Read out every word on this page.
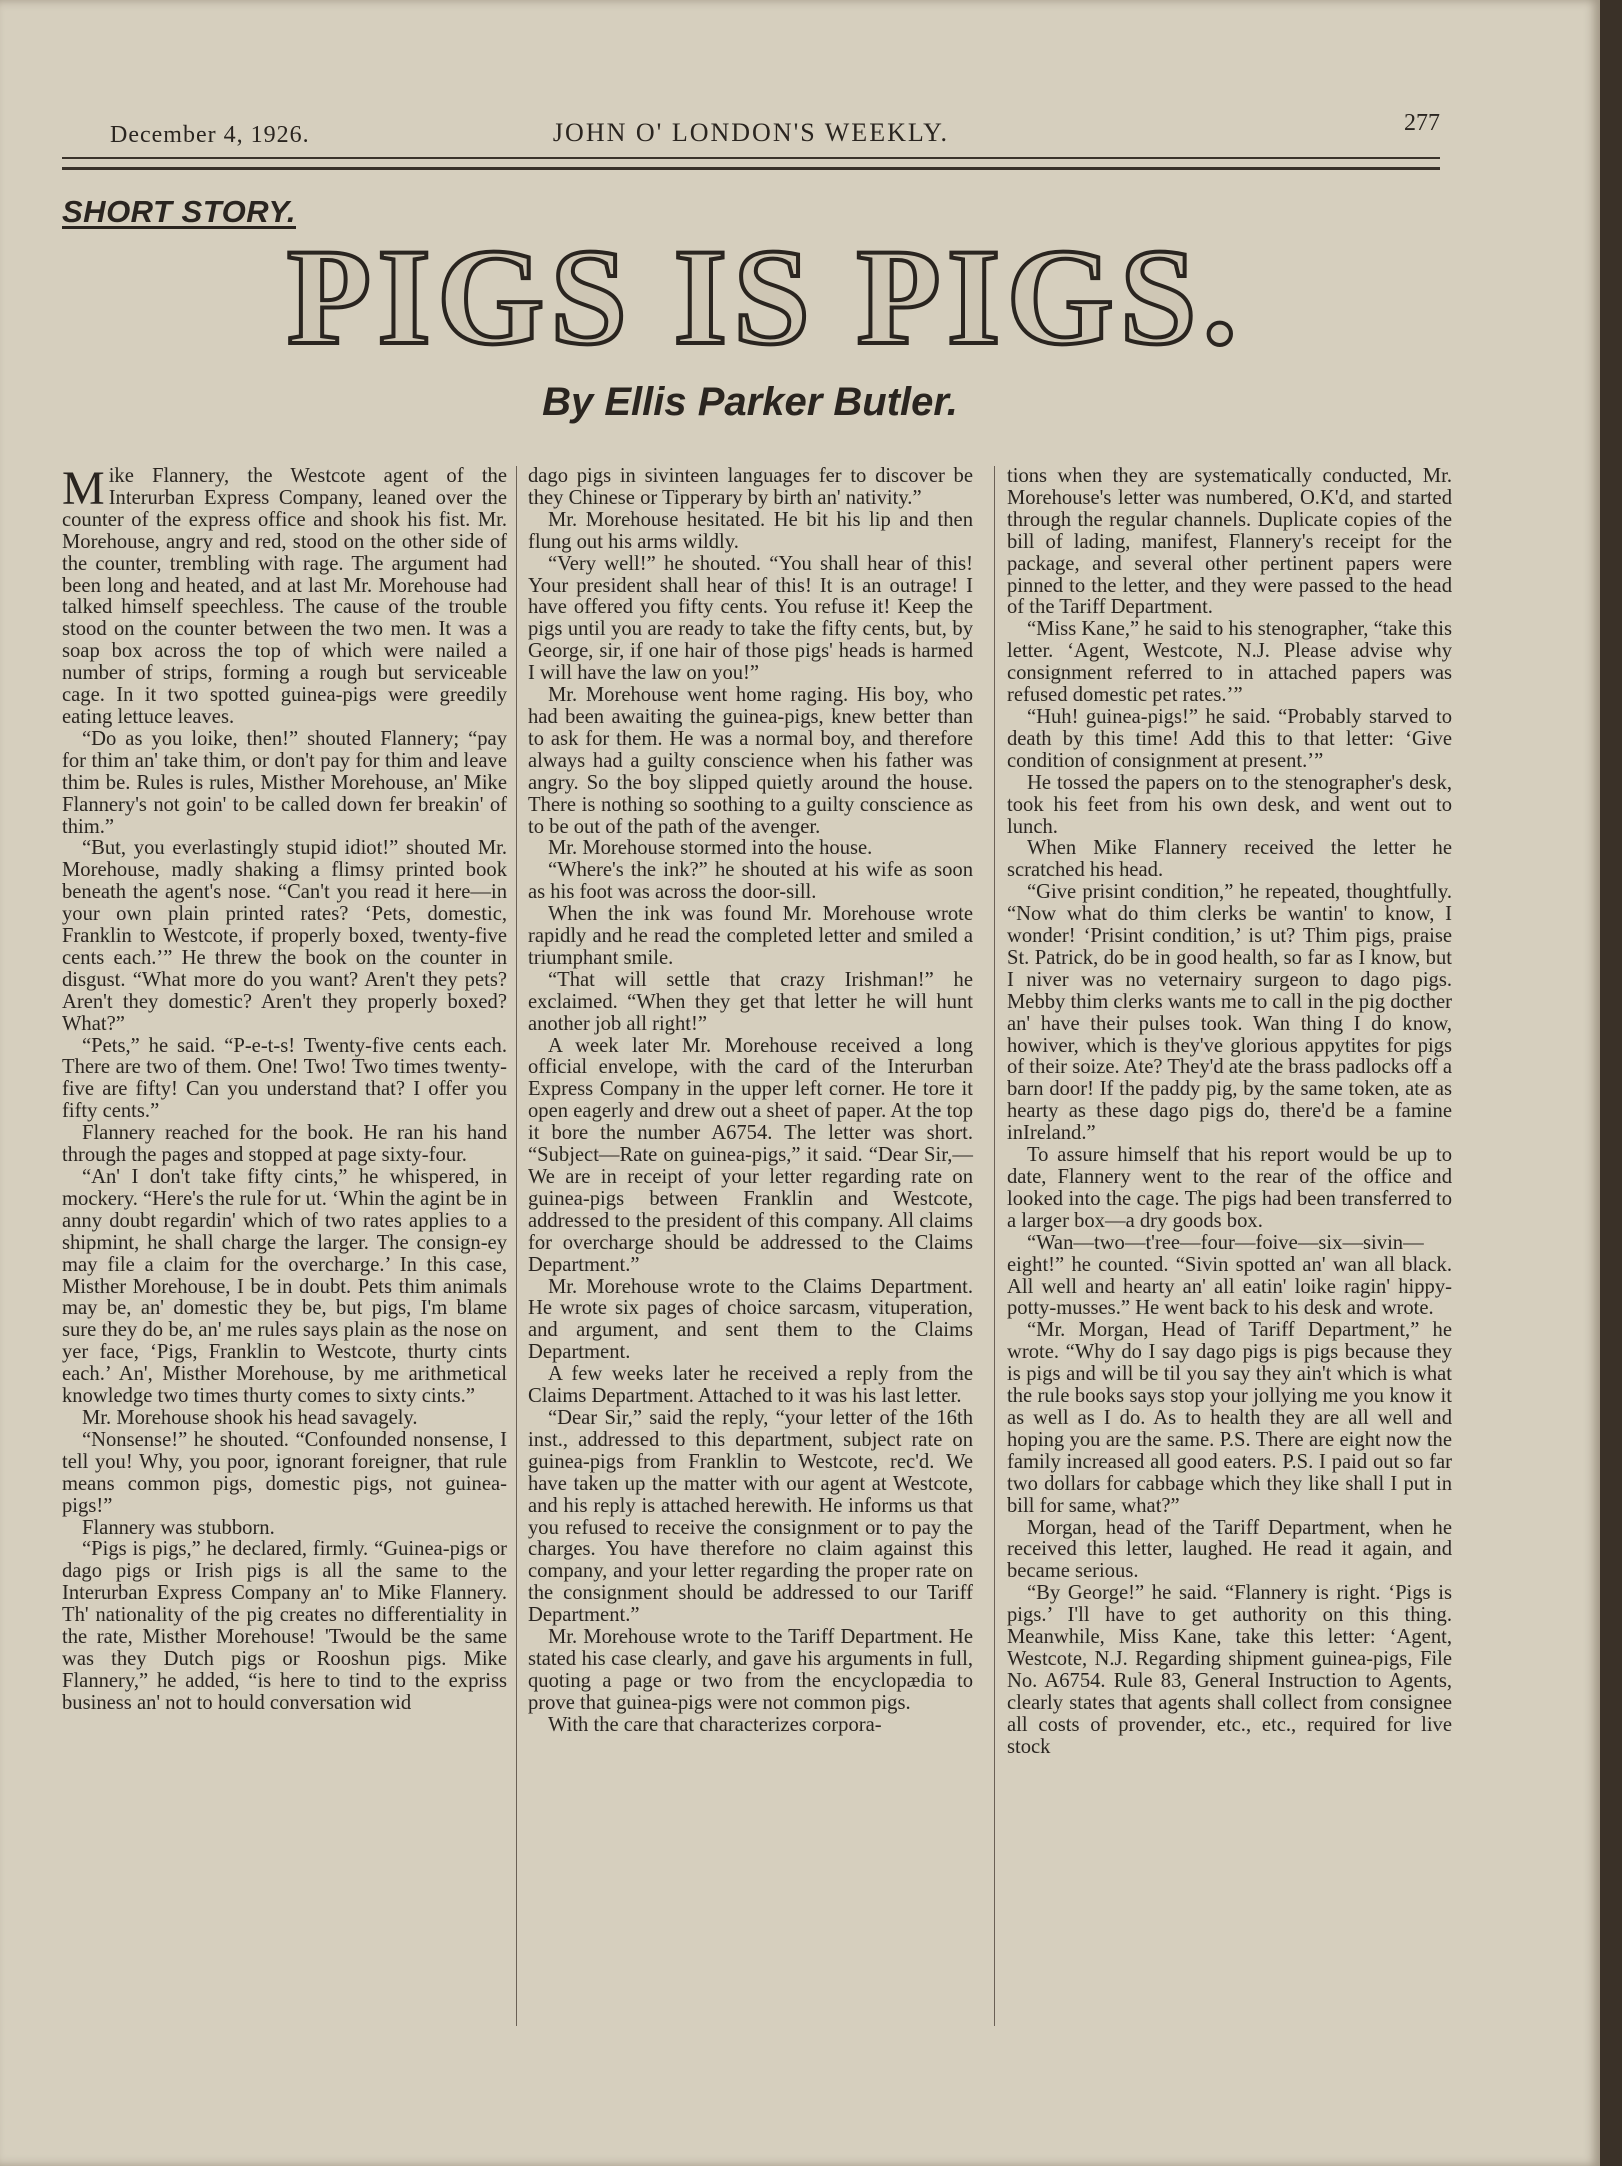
December 4, 1926.	JOHN O' LONDON'S WEEKLY.	277
SHORT STORY.
PIGS IS PIGS.
By Ellis Parker Butler.

Mike Flannery, the Westcote agent of the Interurban Express Company, leaned over the counter of the express office and shook his fist. Mr. Morehouse, angry and red, stood on the other side of the counter, trembling with rage. The argument had been long and heated, and at last Mr. Morehouse had talked himself speechless. The cause of the trouble stood on the counter between the two men. It was a soap box across the top of which were nailed a number of strips, forming a rough but serviceable cage. In it two spotted guinea-pigs were greedily eating lettuce leaves.

“Do as you loike, then!” shouted Flannery; “pay for thim an' take thim, or don't pay for thim and leave thim be. Rules is rules, Misther Morehouse, an' Mike Flannery's not goin' to be called down fer breakin' of thim.”

“But, you everlastingly stupid idiot!” shouted Mr. Morehouse, madly shaking a flimsy printed book beneath the agent's nose. “Can't you read it here—in your own plain printed rates? ‘Pets, domestic, Franklin to Westcote, if properly boxed, twenty-five cents each.’” He threw the book on the counter in disgust. “What more do you want? Aren't they pets? Aren't they domestic? Aren't they properly boxed? What?”

“Pets,” he said. “P-e-t-s! Twenty-five cents each. There are two of them. One! Two! Two times twenty-five are fifty! Can you understand that? I offer you fifty cents.”

Flannery reached for the book. He ran his hand through the pages and stopped at page sixty-four.

“An' I don't take fifty cints,” he whispered, in mockery. “Here's the rule for ut. ‘Whin the agint be in anny doubt regardin' which of two rates applies to a shipmint, he shall charge the larger. The consign-ey may file a claim for the overcharge.’ In this case, Misther Morehouse, I be in doubt. Pets thim animals may be, an' domestic they be, but pigs, I'm blame sure they do be, an' me rules says plain as the nose on yer face, ‘Pigs, Franklin to Westcote, thurty cints each.’ An', Misther Morehouse, by me arithmetical knowledge two times thurty comes to sixty cints.”

Mr. Morehouse shook his head savagely.

“Nonsense!” he shouted. “Confounded nonsense, I tell you! Why, you poor, ignorant foreigner, that rule means common pigs, domestic pigs, not guinea-pigs!”

Flannery was stubborn.

“Pigs is pigs,” he declared, firmly. “Guinea-pigs or dago pigs or Irish pigs is all the same to the Interurban Express Company an' to Mike Flannery. Th' nationality of the pig creates no differentiality in the rate, Misther Morehouse! 'Twould be the same was they Dutch pigs or Rooshun pigs. Mike Flannery,” he added, “is here to tind to the expriss business an' not to hould conversation wid

dago pigs in sivinteen languages fer to discover be they Chinese or Tipperary by birth an' nativity.”

Mr. Morehouse hesitated. He bit his lip and then flung out his arms wildly.

“Very well!” he shouted. “You shall hear of this! Your president shall hear of this! It is an outrage! I have offered you fifty cents. You refuse it! Keep the pigs until you are ready to take the fifty cents, but, by George, sir, if one hair of those pigs' heads is harmed I will have the law on you!”

Mr. Morehouse went home raging. His boy, who had been awaiting the guinea-pigs, knew better than to ask for them. He was a normal boy, and therefore always had a guilty conscience when his father was angry. So the boy slipped quietly around the house. There is nothing so soothing to a guilty conscience as to be out of the path of the avenger.

Mr. Morehouse stormed into the house.

“Where's the ink?” he shouted at his wife as soon as his foot was across the door-sill.

When the ink was found Mr. Morehouse wrote rapidly and he read the completed letter and smiled a triumphant smile.

“That will settle that crazy Irishman!” he exclaimed. “When they get that letter he will hunt another job all right!”

A week later Mr. Morehouse received a long official envelope, with the card of the Interurban Express Company in the upper left corner. He tore it open eagerly and drew out a sheet of paper. At the top it bore the number A6754. The letter was short. “Subject—Rate on guinea-pigs,” it said. “Dear Sir,—We are in receipt of your letter regarding rate on guinea-pigs between Franklin and Westcote, addressed to the president of this company. All claims for overcharge should be addressed to the Claims Department.”

Mr. Morehouse wrote to the Claims Department. He wrote six pages of choice sarcasm, vituperation, and argument, and sent them to the Claims Department.

A few weeks later he received a reply from the Claims Department. Attached to it was his last letter.

“Dear Sir,” said the reply, “your letter of the 16th inst., addressed to this department, subject rate on guinea-pigs from Franklin to Westcote, rec'd. We have taken up the matter with our agent at Westcote, and his reply is attached herewith. He informs us that you refused to receive the consignment or to pay the charges. You have therefore no claim against this company, and your letter regarding the proper rate on the consignment should be addressed to our Tariff Department.”

Mr. Morehouse wrote to the Tariff Department. He stated his case clearly, and gave his arguments in full, quoting a page or two from the encyclopædia to prove that guinea-pigs were not common pigs.

With the care that characterizes corpora-

tions when they are systematically conducted, Mr. Morehouse's letter was numbered, O.K'd, and started through the regular channels. Duplicate copies of the bill of lading, manifest, Flannery's receipt for the package, and several other pertinent papers were pinned to the letter, and they were passed to the head of the Tariff Department.

“Miss Kane,” he said to his stenographer, “take this letter. ‘Agent, Westcote, N.J. Please advise why consignment referred to in attached papers was refused domestic pet rates.’”

“Huh! guinea-pigs!” he said. “Probably starved to death by this time! Add this to that letter: ‘Give condition of consignment at present.’”

He tossed the papers on to the stenographer's desk, took his feet from his own desk, and went out to lunch.

When Mike Flannery received the letter he scratched his head.

“Give prisint condition,” he repeated, thoughtfully. “Now what do thim clerks be wantin' to know, I wonder! ‘Prisint condition,’ is ut? Thim pigs, praise St. Patrick, do be in good health, so far as I know, but I niver was no veternairy surgeon to dago pigs. Mebby thim clerks wants me to call in the pig docther an' have their pulses took. Wan thing I do know, howiver, which is they've glorious appytites for pigs of their soize. Ate? They'd ate the brass padlocks off a barn door! If the paddy pig, by the same token, ate as hearty as these dago pigs do, there'd be a famine inIreland.”

To assure himself that his report would be up to date, Flannery went to the rear of the office and looked into the cage. The pigs had been transferred to a larger box—a dry goods box.

“Wan—two—t'ree—four—foive—six—sivin—eight!” he counted. “Sivin spotted an' wan all black. All well and hearty an' all eatin' loike ragin' hippy-potty-musses.” He went back to his desk and wrote.

“Mr. Morgan, Head of Tariff Department,” he wrote. “Why do I say dago pigs is pigs because they is pigs and will be til you say they ain't which is what the rule books says stop your jollying me you know it as well as I do. As to health they are all well and hoping you are the same. P.S. There are eight now the family increased all good eaters. P.S. I paid out so far two dollars for cabbage which they like shall I put in bill for same, what?”

Morgan, head of the Tariff Department, when he received this letter, laughed. He read it again, and became serious.

“By George!” he said. “Flannery is right. ‘Pigs is pigs.’ I'll have to get authority on this thing. Meanwhile, Miss Kane, take this letter: ‘Agent, Westcote, N.J. Regarding shipment guinea-pigs, File No. A6754. Rule 83, General Instruction to Agents, clearly states that agents shall collect from consignee all costs of provender, etc., etc., required for live stock
